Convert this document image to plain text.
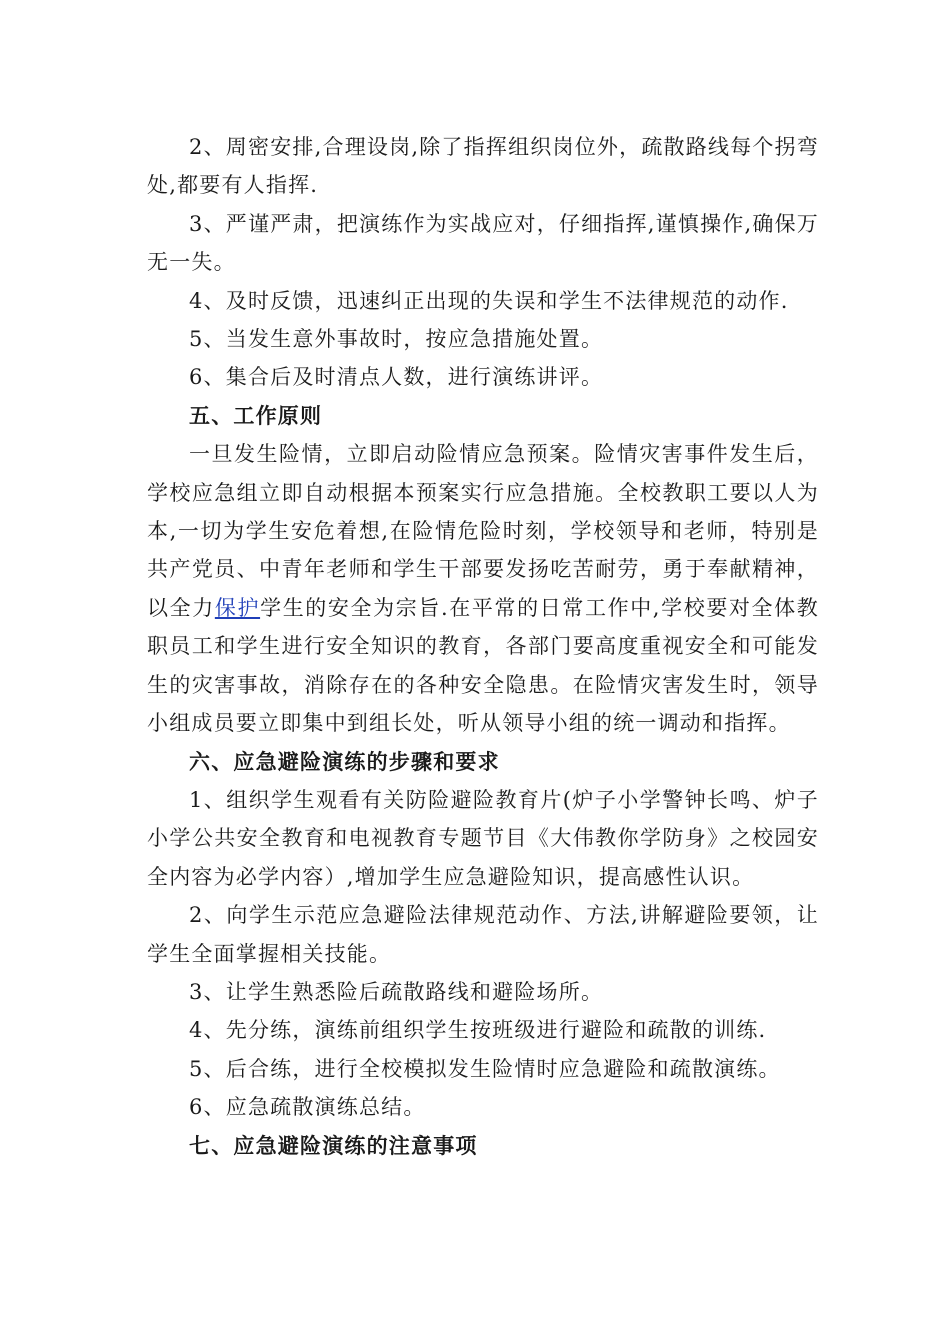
2、周密安排,合理设岗,除了指挥组织岗位外，疏散路线每个拐弯处,都要有人指挥.

3、严谨严肃，把演练作为实战应对，仔细指挥,谨慎操作,确保万无一失。

4、及时反馈，迅速纠正出现的失误和学生不法律规范的动作.

5、当发生意外事故时，按应急措施处置。

6、集合后及时清点人数，进行演练讲评。

五、工作原则

一旦发生险情，立即启动险情应急预案。险情灾害事件发生后，学校应急组立即自动根据本预案实行应急措施。全校教职工要以人为本,一切为学生安危着想,在险情危险时刻，学校领导和老师，特别是共产党员、中青年老师和学生干部要发扬吃苦耐劳，勇于奉献精神，以全力保护学生的安全为宗旨.在平常的日常工作中,学校要对全体教职员工和学生进行安全知识的教育，各部门要高度重视安全和可能发生的灾害事故，消除存在的各种安全隐患。在险情灾害发生时，领导小组成员要立即集中到组长处，听从领导小组的统一调动和指挥。

六、应急避险演练的步骤和要求

1、组织学生观看有关防险避险教育片(炉子小学警钟长鸣、炉子小学公共安全教育和电视教育专题节目《大伟教你学防身》之校园安全内容为必学内容）,增加学生应急避险知识，提高感性认识。

2、向学生示范应急避险法律规范动作、方法,讲解避险要领，让学生全面掌握相关技能。

3、让学生熟悉险后疏散路线和避险场所。

4、先分练，演练前组织学生按班级进行避险和疏散的训练.

5、后合练，进行全校模拟发生险情时应急避险和疏散演练。

6、应急疏散演练总结。

七、应急避险演练的注意事项
